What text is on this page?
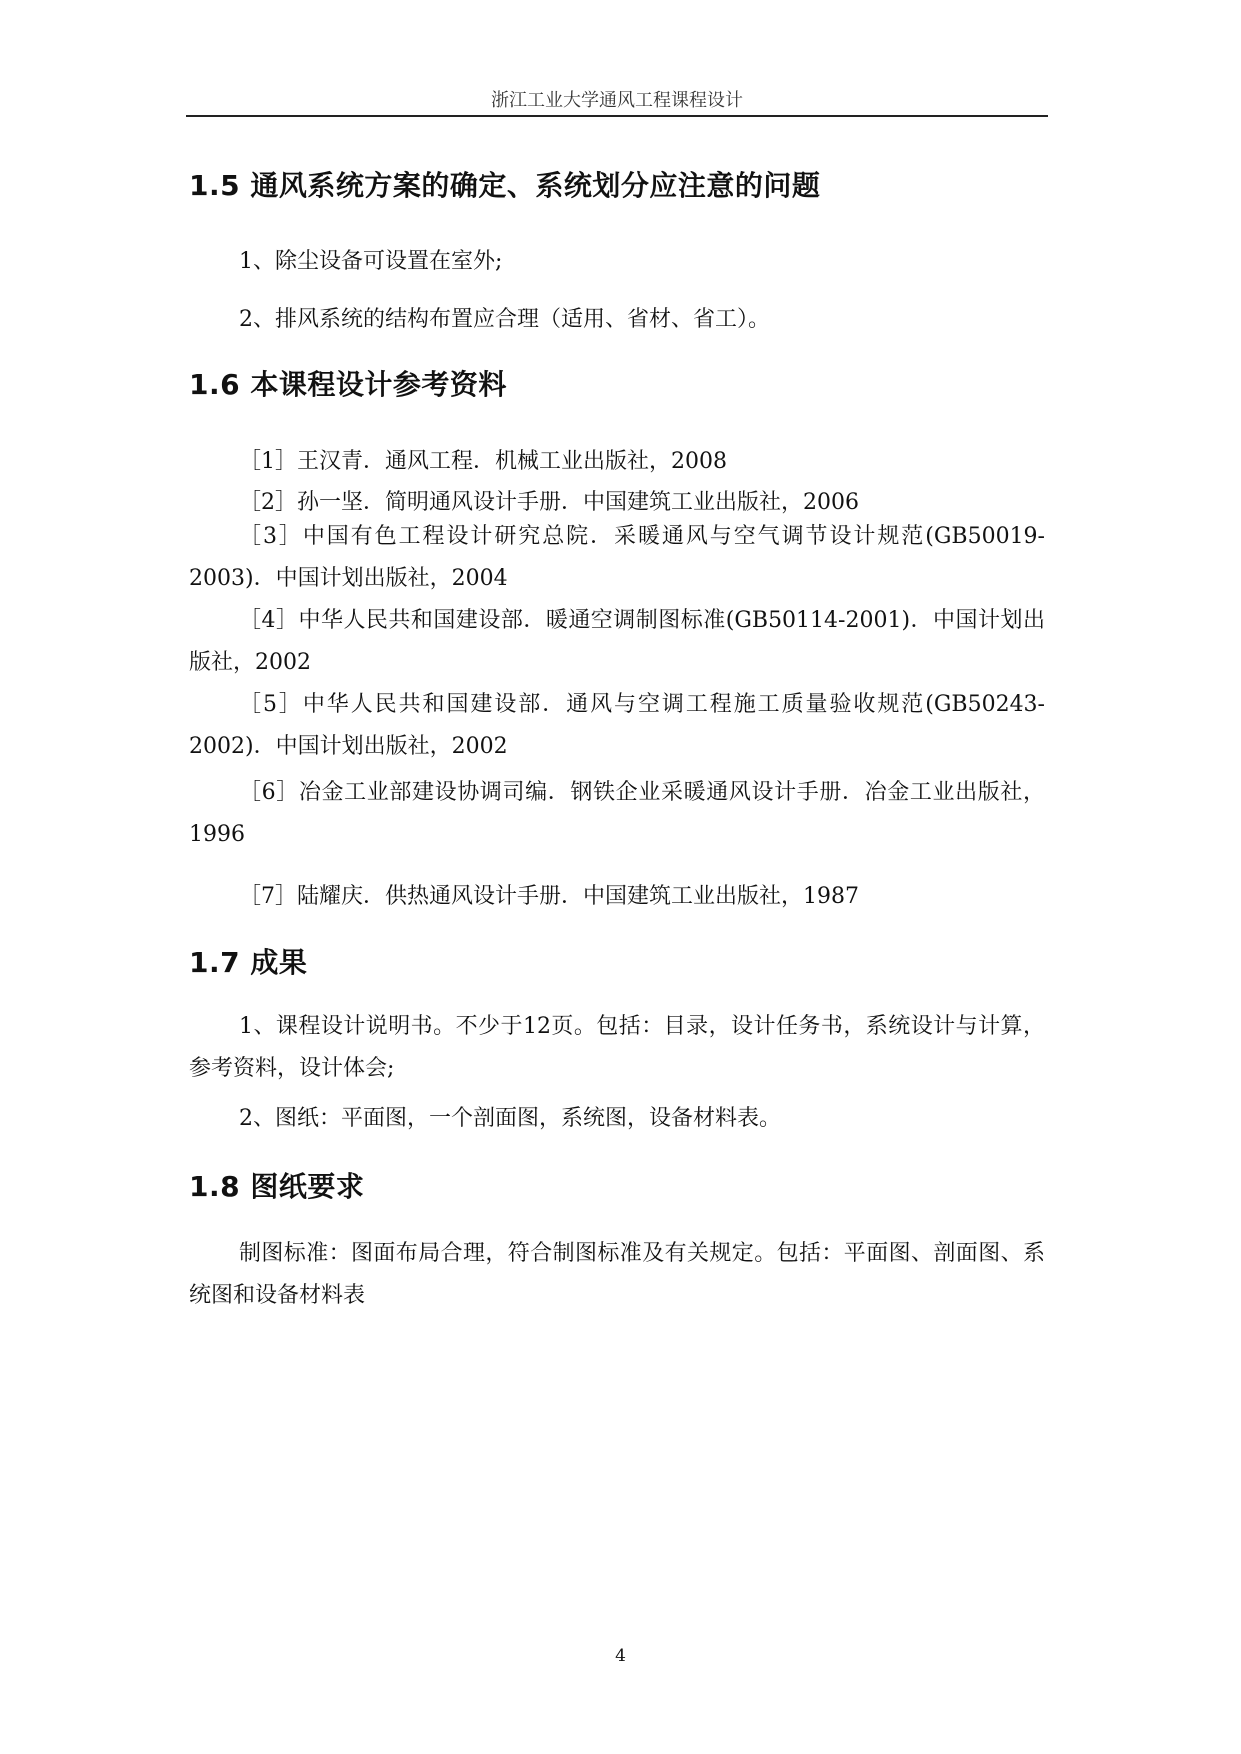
浙江工业大学通风工程课程设计
1.5 通风系统方案的确定、系统划分应注意的问题
1、除尘设备可设置在室外;
2、排风系统的结构布置应合理（适用、省材、省工）。
1.6 本课程设计参考资料
［1］王汉青．通风工程．机械工业出版社，2008
［2］孙一坚．简明通风设计手册．中国建筑工业出版社，2006
［3］中国有色工程设计研究总院．采暖通风与空气调节设计规范(GB50019-2003)．中国计划出版社，2004
［4］中华人民共和国建设部．暖通空调制图标准(GB50114-2001)．中国计划出版社，2002
［5］中华人民共和国建设部．通风与空调工程施工质量验收规范(GB50243-2002)．中国计划出版社，2002
［6］冶金工业部建设协调司编．钢铁企业采暖通风设计手册．冶金工业出版社，1996
［7］陆耀庆．供热通风设计手册．中国建筑工业出版社，1987
1.7 成果
1、课程设计说明书。不少于12页。包括：目录，设计任务书，系统设计与计算，参考资料，设计体会;
2、图纸：平面图，一个剖面图，系统图，设备材料表。
1.8 图纸要求
制图标准：图面布局合理，符合制图标准及有关规定。包括：平面图、剖面图、系统图和设备材料表
4
